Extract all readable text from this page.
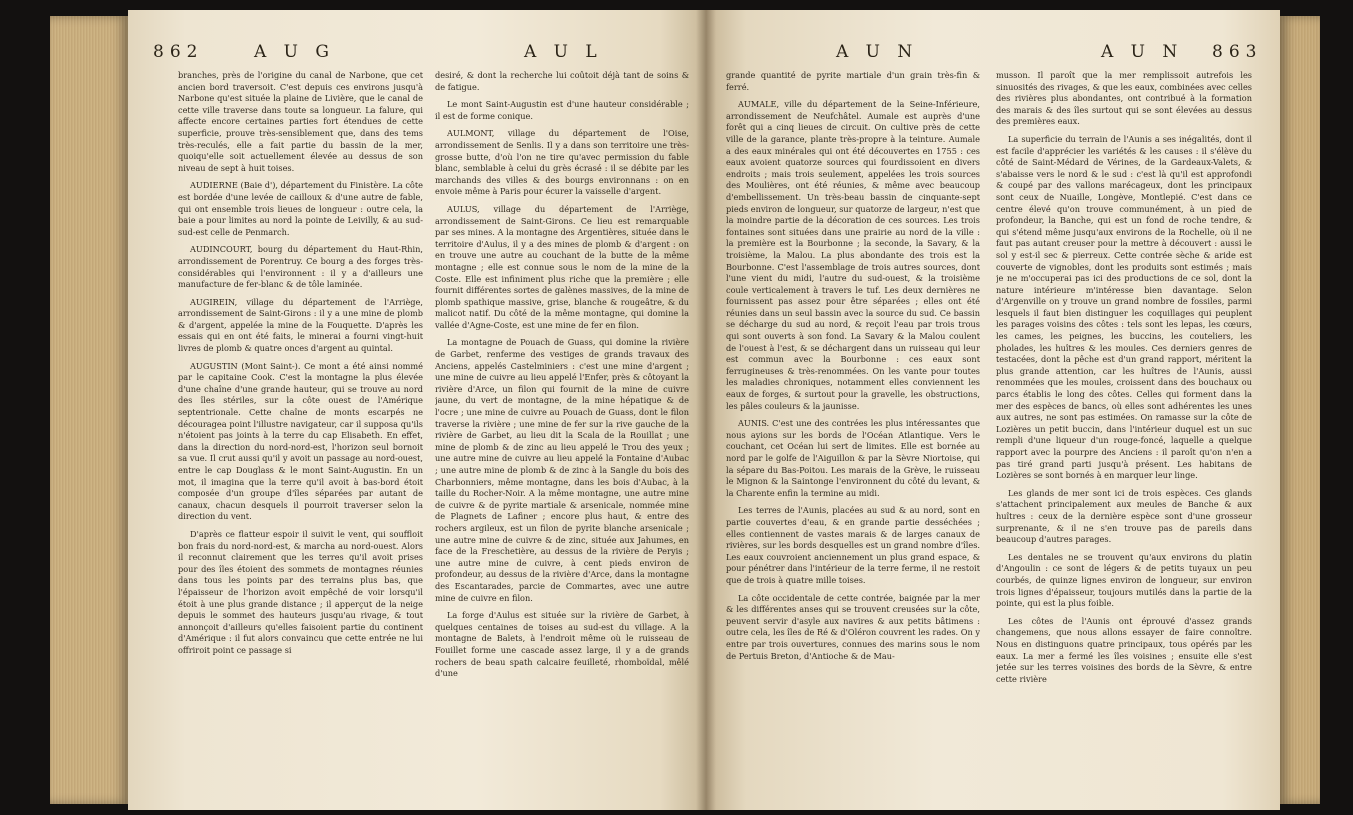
862	A U G	A U L

branches, près de l'origine du canal de Narbone, que cet ancien bord traversoit. C'est depuis ces environs jusqu'à Narbone qu'est située la plaine de Livière, que le canal de cette ville traverse dans toute sa longueur. La falure, qui affecte encore certaines parties fort étendues de cette superficie, prouve très-sensiblement que, dans des tems très-reculés, elle a fait partie du bassin de la mer, quoiqu'elle soit actuellement élevée au dessus de son niveau de sept à huit toises.

AUDIERNE (Baie d'), département du Finistère. La côte est bordée d'une levée de cailloux & d'une autre de fable, qui ont ensemble trois lieues de longueur : outre cela, la baie a pour limites au nord la pointe de Leivilly, & au sud-sud-est celle de Penmarch.

AUDINCOURT, bourg du département du Haut-Rhin, arrondissement de Porentruy. Ce bourg a des forges très-considérables qui l'environnent : il y a d'ailleurs une manufacture de fer-blanc & de tôle laminée.

AUGIREIN, village du département de l'Arriège, arrondissement de Saint-Girons : il y a une mine de plomb & d'argent, appelée la mine de la Fouquette. D'après les essais qui en ont été faits, le minerai a fourni vingt-huit livres de plomb & quatre onces d'argent au quintal.

AUGUSTIN (Mont Saint-). Ce mont a été ainsi nommé par le capitaine Cook. C'est la montagne la plus élevée d'une chaîne d'une grande hauteur, qui se trouve au nord des îles stériles, sur la côte ouest de l'Amérique septentrionale. Cette chaîne de monts escarpés ne découragea point l'illustre navigateur, car il supposa qu'ils n'étoient pas joints à la terre du cap Elisabeth. En effet, dans la direction du nord-nord-est, l'horizon seul bornoit sa vue. Il crut aussi qu'il y avoit un passage au nord-ouest, entre le cap Douglass & le mont Saint-Augustin. En un mot, il imagina que la terre qu'il avoit à bas-bord étoit composée d'un groupe d'îles séparées par autant de canaux, chacun desquels il pourroit traverser selon la direction du vent.

D'après ce flatteur espoir il suivit le vent, qui souffloit bon frais du nord-nord-est, & marcha au nord-ouest. Alors il reconnut clairement que les terres qu'il avoit prises pour des îles étoient des sommets de montagnes réunies dans tous les points par des terrains plus bas, que l'épaisseur de l'horizon avoit empêché de voir lorsqu'il étoit à une plus grande distance ; il apperçut de la neige depuis le sommet des hauteurs jusqu'au rivage, & tout annonçoit d'ailleurs qu'elles faisoient partie du continent d'Amérique : il fut alors convaincu que cette entrée ne lui offriroit point ce passage si

desiré, & dont la recherche lui coûtoit déjà tant de soins & de fatigue.

Le mont Saint-Augustin est d'une hauteur considérable ; il est de forme conique.

AULMONT, village du département de l'Oise, arrondissement de Senlis. Il y a dans son territoire une très-grosse butte, d'où l'on ne tire qu'avec permission du fable blanc, semblable à celui du grès écrasé : il se débite par les marchands des villes & des bourgs environnans : on en envoie même à Paris pour écurer la vaisselle d'argent.

AULUS, village du département de l'Arriège, arrondissement de Saint-Girons. Ce lieu est remarquable par ses mines. A la montagne des Argentières, située dans le territoire d'Aulus, il y a des mines de plomb & d'argent : on en trouve une autre au couchant de la butte de la même montagne ; elle est connue sous le nom de la mine de la Coste. Elle est infiniment plus riche que la première ; elle fournit différentes sortes de galènes massives, de la mine de plomb spathique massive, grise, blanche & rougeâtre, & du malicot natif. Du côté de la même montagne, qui domine la vallée d'Agne-Coste, est une mine de fer en filon.

La montagne de Pouach de Guass, qui domine la rivière de Garbet, renferme des vestiges de grands travaux des Anciens, appelés Castelminiers : c'est une mine d'argent ; une mine de cuivre au lieu appelé l'Enfer, près & côtoyant la rivière d'Arce, un filon qui fournit de la mine de cuivre jaune, du vert de montagne, de la mine hépatique & de l'ocre ; une mine de cuivre au Pouach de Guass, dont le filon traverse la rivière ; une mine de fer sur la rive gauche de la rivière de Garbet, au lieu dit la Scala de la Rouillat ; une mine de plomb & de zinc au lieu appelé le Trou des yeux ; une autre mine de cuivre au lieu appelé la Fontaine d'Aubac ; une autre mine de plomb & de zinc à la Sangle du bois des Charbonniers, même montagne, dans les bois d'Aubac, à la taille du Rocher-Noir. A la même montagne, une autre mine de cuivre & de pyrite martiale & arsenicale, nommée mine de Plagnets de Lafiner ; encore plus haut, & entre des rochers argileux, est un filon de pyrite blanche arsenicale ; une autre mine de cuivre & de zinc, située aux Jahumes, en face de la Freschetière, au dessus de la rivière de Peryis ; une autre mine de cuivre, à cent pieds environ de profondeur, au dessus de la rivière d'Arce, dans la montagne des Escantarades, parcie de Commartes, avec une autre mine de cuivre en filon.

La forge d'Aulus est située sur la rivière de Garbet, à quelques centaines de toises au sud-est du village. A la montagne de Balets, à l'endroit même où le ruisseau de Fouillet forme une cascade assez large, il y a de grands rochers de beau spath calcaire feuilleté, rhomboïdal, mêlé d'une

A U N	A U N 863

grande quantité de pyrite martiale d'un grain très-fin & ferré.

AUMALE, ville du département de la Seine-Inférieure, arrondissement de Neufchâtel. Aumale est auprès d'une forêt qui a cinq lieues de circuit. On cultive près de cette ville de la garance, plante très-propre à la teinture. Aumale a des eaux minérales qui ont été découvertes en 1755 : ces eaux avoient quatorze sources qui fourdissoient en divers endroits ; mais trois seulement, appelées les trois sources des Moulières, ont été réunies, & même avec beaucoup d'embellissement. Un très-beau bassin de cinquante-sept pieds environ de longueur, sur quatorze de largeur, n'est que la moindre partie de la décoration de ces sources. Les trois fontaines sont situées dans une prairie au nord de la ville : la première est la Bourbonne ; la seconde, la Savary, & la troisième, la Malou. La plus abondante des trois est la Bourbonne. C'est l'assemblage de trois autres sources, dont l'une vient du midi, l'autre du sud-ouest, & la troisième coule verticalement à travers le tuf. Les deux dernières ne fournissent pas assez pour être séparées ; elles ont été réunies dans un seul bassin avec la source du sud. Ce bassin se décharge du sud au nord, & reçoit l'eau par trois trous qui sont ouverts à son fond. La Savary & la Malou coulent de l'ouest à l'est, & se déchargent dans un ruisseau qui leur est commun avec la Bourbonne : ces eaux sont ferrugineuses & très-renommées. On les vante pour toutes les maladies chroniques, notamment elles conviennent les eaux de forges, & surtout pour la gravelle, les obstructions, les pâles couleurs & la jaunisse.

AUNIS. C'est une des contrées les plus intéressantes que nous ayions sur les bords de l'Océan Atlantique. Vers le couchant, cet Océan lui sert de limites. Elle est bornée au nord par le golfe de l'Aiguillon & par la Sèvre Niortoise, qui la sépare du Bas-Poitou. Les marais de la Grève, le ruisseau le Mignon & la Saintonge l'environnent du côté du levant, & la Charente enfin la termine au midi.

Les terres de l'Aunis, placées au sud & au nord, sont en partie couvertes d'eau, & en grande partie desséchées ; elles contiennent de vastes marais & de larges canaux de rivières, sur les bords desquelles est un grand nombre d'îles. Les eaux couvroient anciennement un plus grand espace, & pour pénétrer dans l'intérieur de la terre ferme, il ne restoit que de trois à quatre mille toises.

La côte occidentale de cette contrée, baignée par la mer & les différentes anses qui se trouvent creusées sur la côte, peuvent servir d'asyle aux navires & aux petits bâtimens : outre cela, les îles de Ré & d'Oléron couvrent les rades. On y entre par trois ouvertures, connues des marins sous le nom de Pertuis Breton, d'Antioche & de Mau-

musson. Il paroît que la mer remplissoit autrefois les sinuosités des rivages, & que les eaux, combinées avec celles des rivières plus abondantes, ont contribué à la formation des marais & des îles surtout qui se sont élevées au dessus des premières eaux.

La superficie du terrain de l'Aunis a ses inégalités, dont il est facile d'apprécier les variétés & les causes : il s'élève du côté de Saint-Médard de Vérines, de la Gardeaux-Valets, & s'abaisse vers le nord & le sud : c'est là qu'il est approfondi & coupé par des vallons marécageux, dont les principaux sont ceux de Nuaille, Longève, Montlepié. C'est dans ce centre élevé qu'on trouve communément, à un pied de profondeur, la Banche, qui est un fond de roche tendre, & qui s'étend même jusqu'aux environs de la Rochelle, où il ne faut pas autant creuser pour la mettre à découvert : aussi le sol y est-il sec & pierreux. Cette contrée sèche & aride est couverte de vignobles, dont les produits sont estimés ; mais je ne m'occuperai pas ici des productions de ce sol, dont la nature intérieure m'intéresse bien davantage. Selon d'Argenville on y trouve un grand nombre de fossiles, parmi lesquels il faut bien distinguer les coquillages qui peuplent les parages voisins des côtes : tels sont les lepas, les cœurs, les cames, les peignes, les buccins, les couteliers, les pholades, les huîtres & les moules. Ces derniers genres de testacées, dont la pêche est d'un grand rapport, méritent la plus grande attention, car les huîtres de l'Aunis, aussi renommées que les moules, croissent dans des bouchaux ou parcs établis le long des côtes. Celles qui forment dans la mer des espèces de bancs, où elles sont adhérentes les unes aux autres, ne sont pas estimées. On ramasse sur la côte de Lozières un petit buccin, dans l'intérieur duquel est un suc rempli d'une liqueur d'un rouge-foncé, laquelle a quelque rapport avec la pourpre des Anciens : il paroît qu'on n'en a pas tiré grand parti jusqu'à présent. Les habitans de Lozières se sont bornés à en marquer leur linge.

Les glands de mer sont ici de trois espèces. Ces glands s'attachent principalement aux meules de Banche & aux huîtres : ceux de la dernière espèce sont d'une grosseur surprenante, & il ne s'en trouve pas de pareils dans beaucoup d'autres parages.

Les dentales ne se trouvent qu'aux environs du platin d'Angoulin : ce sont de légers & de petits tuyaux un peu courbés, de quinze lignes environ de longueur, sur environ trois lignes d'épaisseur, toujours mutilés dans la partie de la pointe, qui est la plus foible.

Les côtes de l'Aunis ont éprouvé d'assez grands changemens, que nous allons essayer de faire connoître. Nous en distinguons quatre principaux, tous opérés par les eaux. La mer a fermé les îles voisines ; ensuite elle s'est jetée sur les terres voisines des bords de la Sèvre, & entre cette rivière
